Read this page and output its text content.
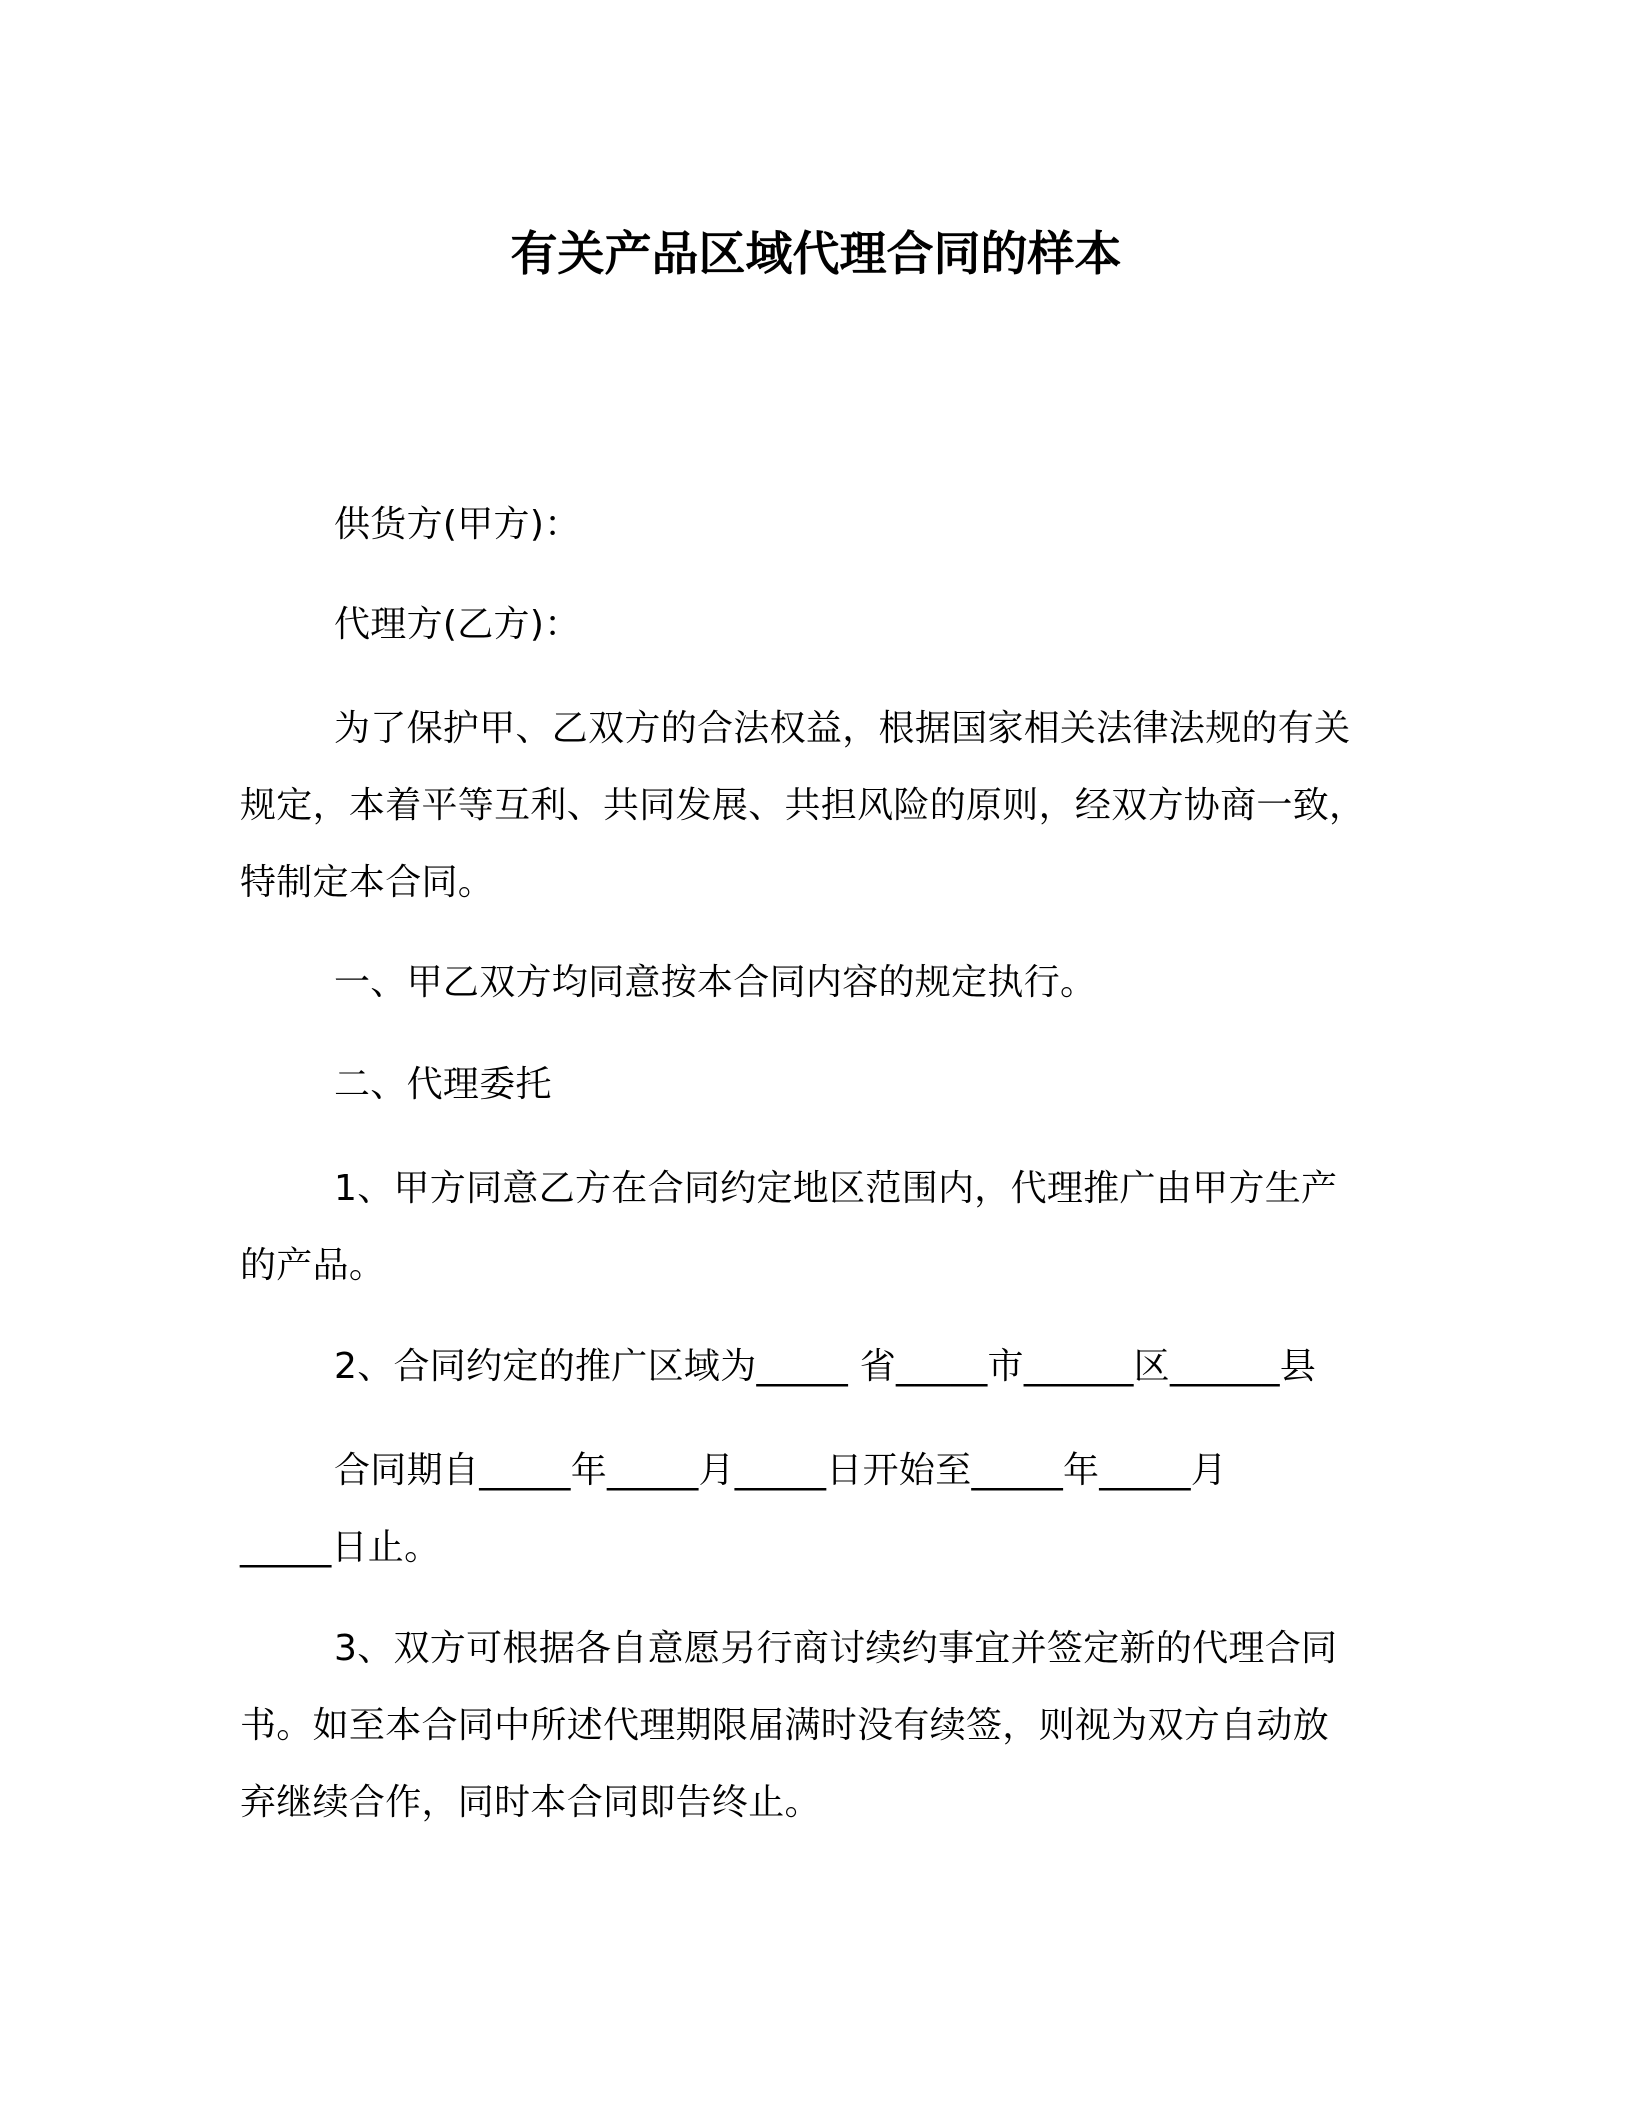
有关产品区域代理合同的样本
供货方(甲方)：
代理方(乙方)：
为了保护甲、乙双方的合法权益，根据国家相关法律法规的有关
规定，本着平等互利、共同发展、共担风险的原则，经双方协商一致，
特制定本合同。
一、甲乙双方均同意按本合同内容的规定执行。
二、代理委托
1、甲方同意乙方在合同约定地区范围内，代理推广由甲方生产
的产品。
2、合同约定的推广区域为_____ 省_____市______区______县
合同期自_____年_____月_____日开始至_____年_____月
_____日止。
3、双方可根据各自意愿另行商讨续约事宜并签定新的代理合同
书。如至本合同中所述代理期限届满时没有续签，则视为双方自动放
弃继续合作，同时本合同即告终止。
